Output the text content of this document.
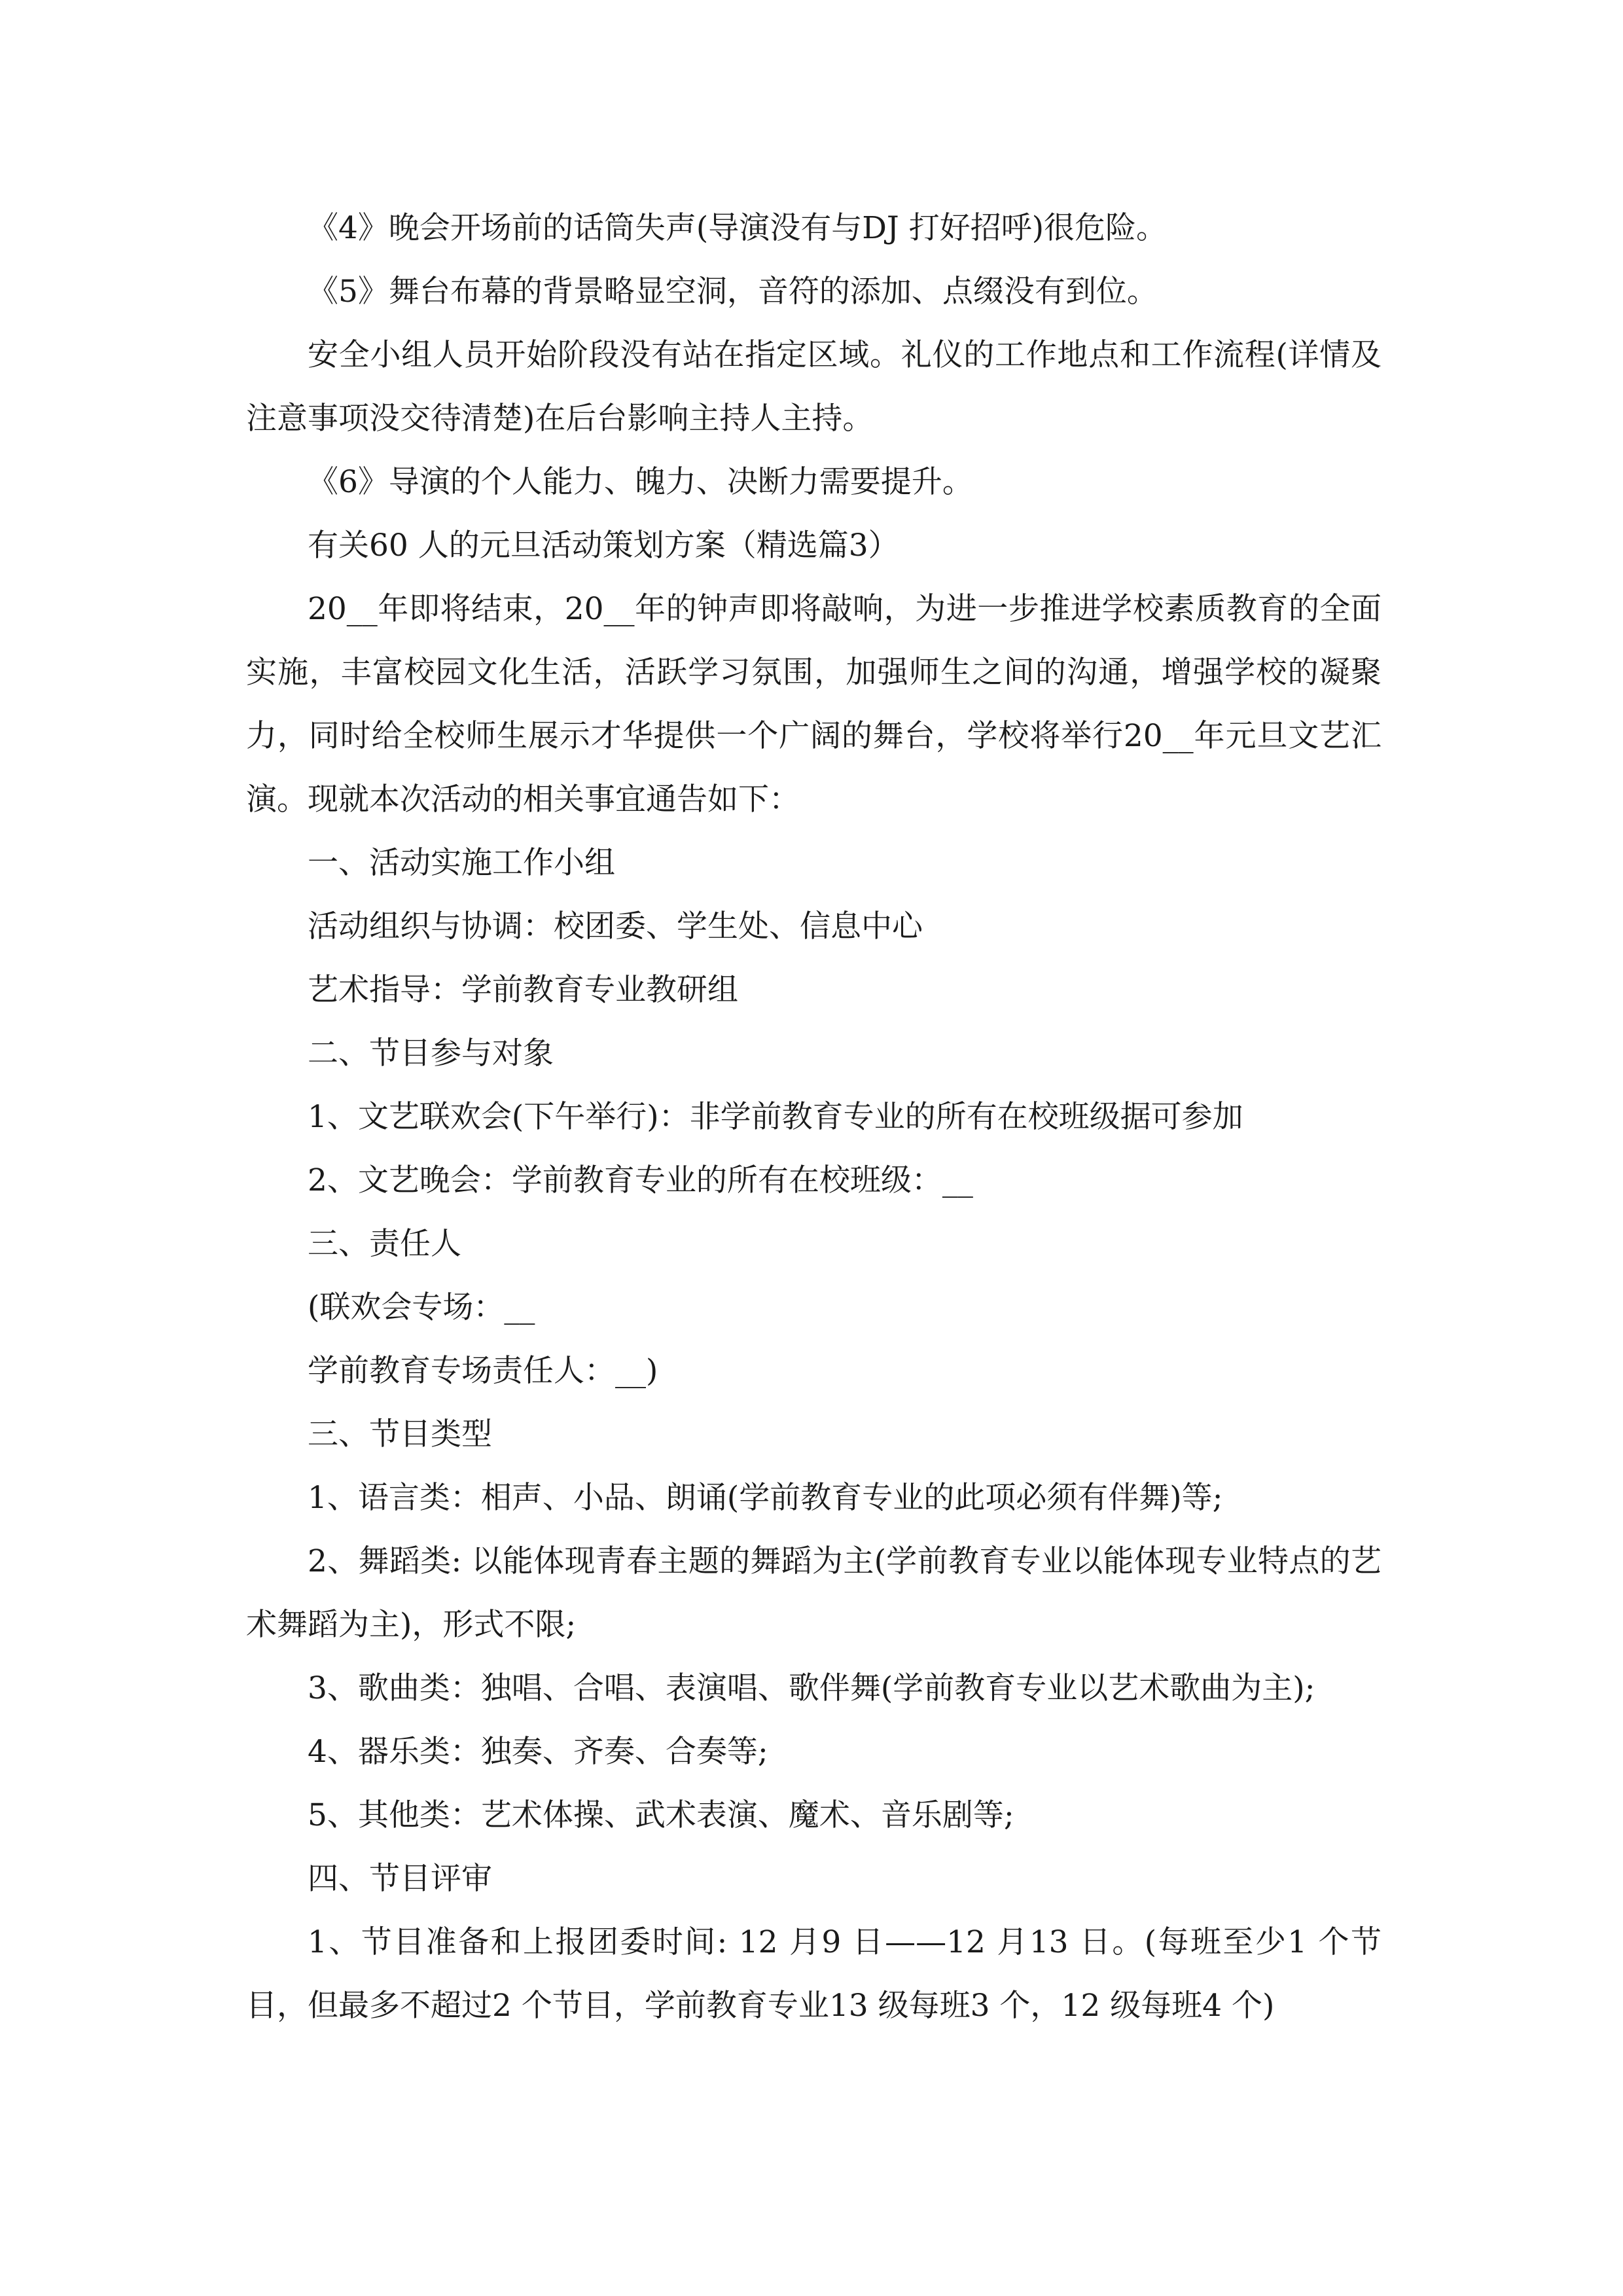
《4》晚会开场前的话筒失声(导演没有与DJ 打好招呼)很危险。

《5》舞台布幕的背景略显空洞，音符的添加、点缀没有到位。

安全小组人员开始阶段没有站在指定区域。礼仪的工作地点和工作流程(详情及注意事项没交待清楚)在后台影响主持人主持。

《6》导演的个人能力、魄力、决断力需要提升。

有关60 人的元旦活动策划方案（精选篇3）

20__年即将结束，20__年的钟声即将敲响，为进一步推进学校素质教育的全面实施，丰富校园文化生活，活跃学习氛围，加强师生之间的沟通，增强学校的凝聚力，同时给全校师生展示才华提供一个广阔的舞台，学校将举行20__年元旦文艺汇演。现就本次活动的相关事宜通告如下：

一、活动实施工作小组

活动组织与协调：校团委、学生处、信息中心

艺术指导：学前教育专业教研组

二、节目参与对象

1、文艺联欢会(下午举行)：非学前教育专业的所有在校班级据可参加

2、文艺晚会：学前教育专业的所有在校班级：__

三、责任人

(联欢会专场：__

学前教育专场责任人：__)

三、节目类型

1、语言类：相声、小品、朗诵(学前教育专业的此项必须有伴舞)等;

2、舞蹈类: 以能体现青春主题的舞蹈为主(学前教育专业以能体现专业特点的艺术舞蹈为主)，形式不限;

3、歌曲类：独唱、合唱、表演唱、歌伴舞(学前教育专业以艺术歌曲为主);

4、器乐类：独奏、齐奏、合奏等;

5、其他类：艺术体操、武术表演、魔术、音乐剧等;

四、节目评审

1、节目准备和上报团委时间: 12 月9 日——12 月13 日。(每班至少1 个节目，但最多不超过2 个节目，学前教育专业13 级每班3 个，12 级每班4 个)
